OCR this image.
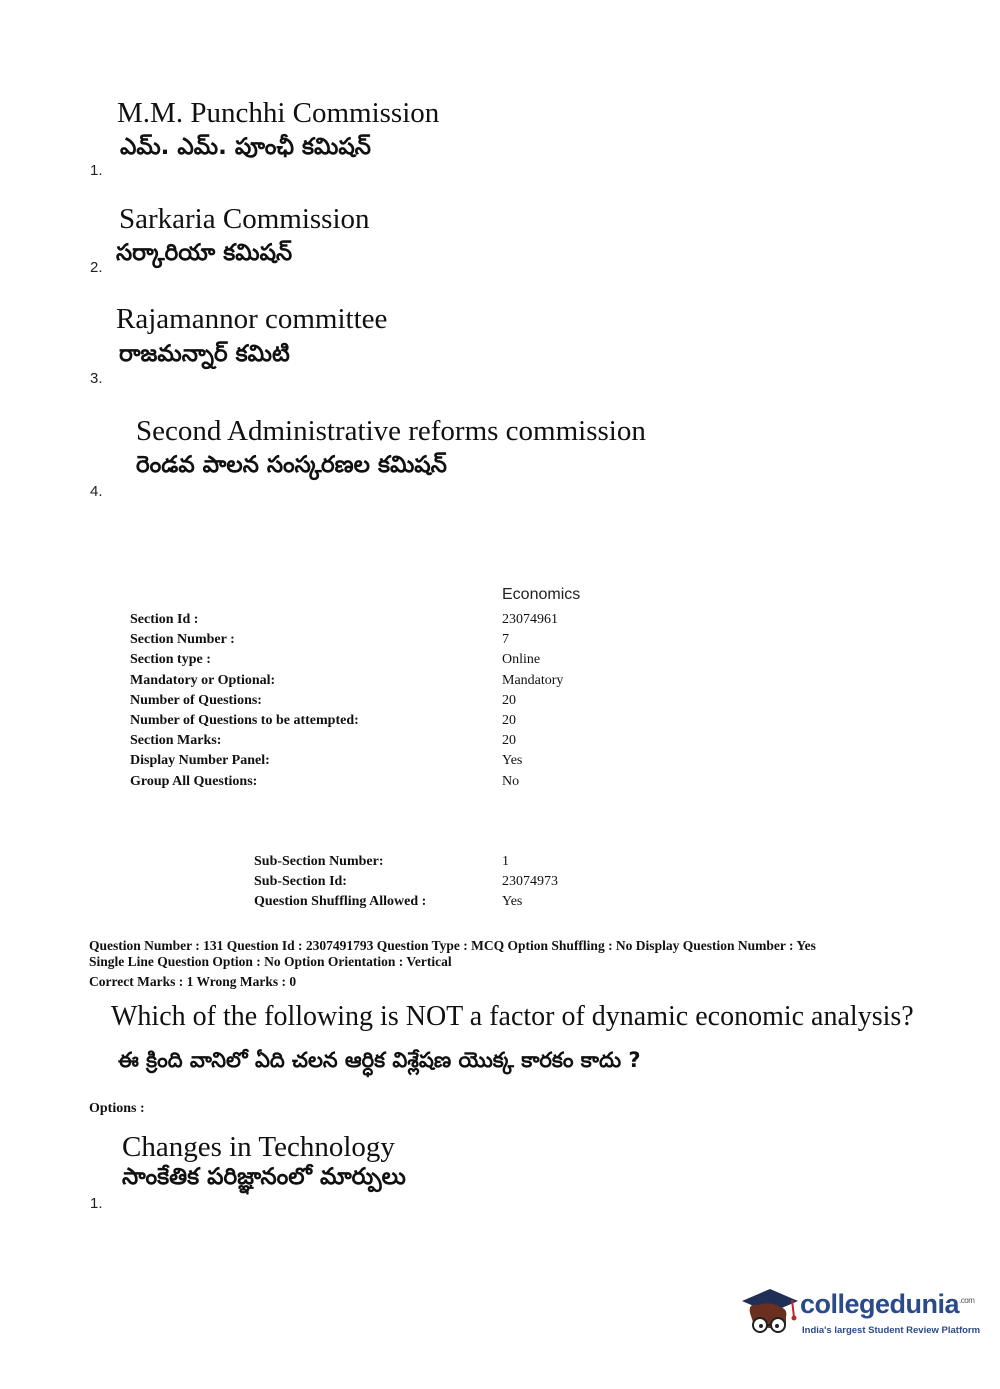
M.M. Punchhi Commission
ఎమ్. ఎమ్. పూంఛీ కమిషన్
1.
Sarkaria Commission
సర్కారియా కమిషన్
2.
Rajamannor committee
రాజమన్నార్ కమిటి
3.
Second Administrative reforms commission
రెండవ పాలన సంస్కరణల కమిషన్
4.
Economics
Section Id :
Section Number :
Section type :
Mandatory or Optional:
Number of Questions:
Number of Questions to be attempted:
Section Marks:
Display Number Panel:
Group All Questions:
23074961
7
Online
Mandatory
20
20
20
Yes
No
Sub-Section Number:
Sub-Section Id:
Question Shuffling Allowed :
1
23074973
Yes
Question Number : 131 Question Id : 2307491793 Question Type : MCQ Option Shuffling : No Display Question Number : Yes
Single Line Question Option : No Option Orientation : Vertical
Correct Marks : 1 Wrong Marks : 0
Which of the following is NOT a factor of dynamic economic analysis?
ఈ క్రింది వానిలో ఏది చలన ఆర్ధిక విశ్లేషణ యొక్క కారకం కాదు ?
Options :
Changes in Technology
సాంకేతిక పరిజ్ఞానంలో మార్పులు
1.
collegedunia$^{.com}$
India's largest Student Review Platform
